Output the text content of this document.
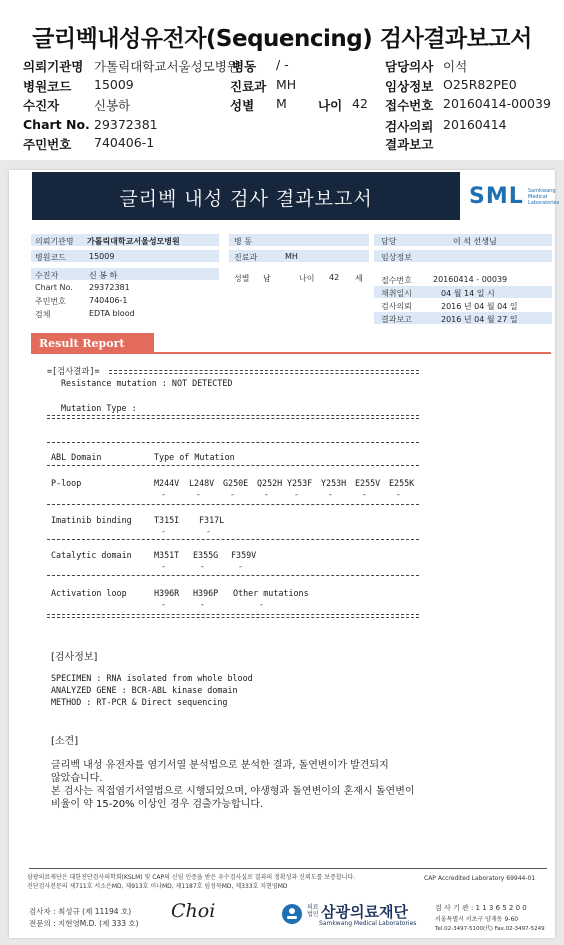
글리벡내성유전자(Sequencing) 검사결과보고서
의뢰기관명 가톨릭대학교서울성모병원
병동 / -	담당의사 이석
병원코드 15009	진료과 MH	임상정보 O25R82PE0
수진자	신봉하	성별 M 나이 42 접수번호 20160414-00039
Chart No. 29372381	검사의뢰 20160414
주민번호 740406-1	결과보고
글리벡 내성 검사 결과보고서	SML Samkwang
Medical
Laboratories
의뢰기관명 가톨릭대학교서울성모병원
병원코드	15009
수진자	신 봉 하
Chart No. 29372381
주민번호	740406-1
검체	EDTA blood
병 동
진료과	MH
성별 남	나이 42 세
담당	이 석 선생님
임상정보
접수번호	20160414 - 00039
채취일시	04 월 14 일 시
검사의뢰	2016 년 04 월 04 일
결과보고	2016 년 04 월 27 일
Result Report
=[검사결과]=
Resistance mutation : NOT DETECTED
Mutation Type :
ABL Domain	Type of Mutation
P-loop	M244V L248V G250E Q252H Y253F Y253H E255V E255K
-	-	-	-	-	-	-	-
Imatinib binding	T315I F317L
-	-
Catalytic domain	M351T E355G F359V
-	-	-
Activation loop	H396R H396P Other mutations
-	-	-
[검사정보]
SPECIMEN : RNA isolated from whole blood
ANALYZED GENE : BCR-ABL kinase domain
METHOD : RT-PCR & Direct sequencing
[소견]
글리벡 내성 유전자를 염기서열 분석법으로 분석한 결과, 돌연변이가 발견되지
않았습니다.
본 검사는 직접염기서열법으로 시행되었으며, 야생형과 돌연변이의 혼재시 돌연변이
비율이 약 15-20% 이상인 경우 검출가능합니다.
삼광의료재단은 대한진단검사의학회(KSLM) 및 CAP의 신임 인증을 받은 우수검사실로 결과의 정확성과 신뢰도를 보증합니다.
진단검사전문의 제711호 서소은MD, 제913호 이나MD, 제1187호 임성묵MD, 제333호 지현영MD
CAP Accredited Laboratory 69944-01
검사자 : 최성규 (제 11194 호)
전문의 : 지현영M.D. (제 333 호)
Choi	의료법인 삼광의료재단
Samkwang Medical Laboratories
검 사 기 관 : 1 1 3 6 5 2 0 0
서울특별시 서초구 양재동 9-60
Tel.02-3497-5100(代) Fax.02-3497-5249
